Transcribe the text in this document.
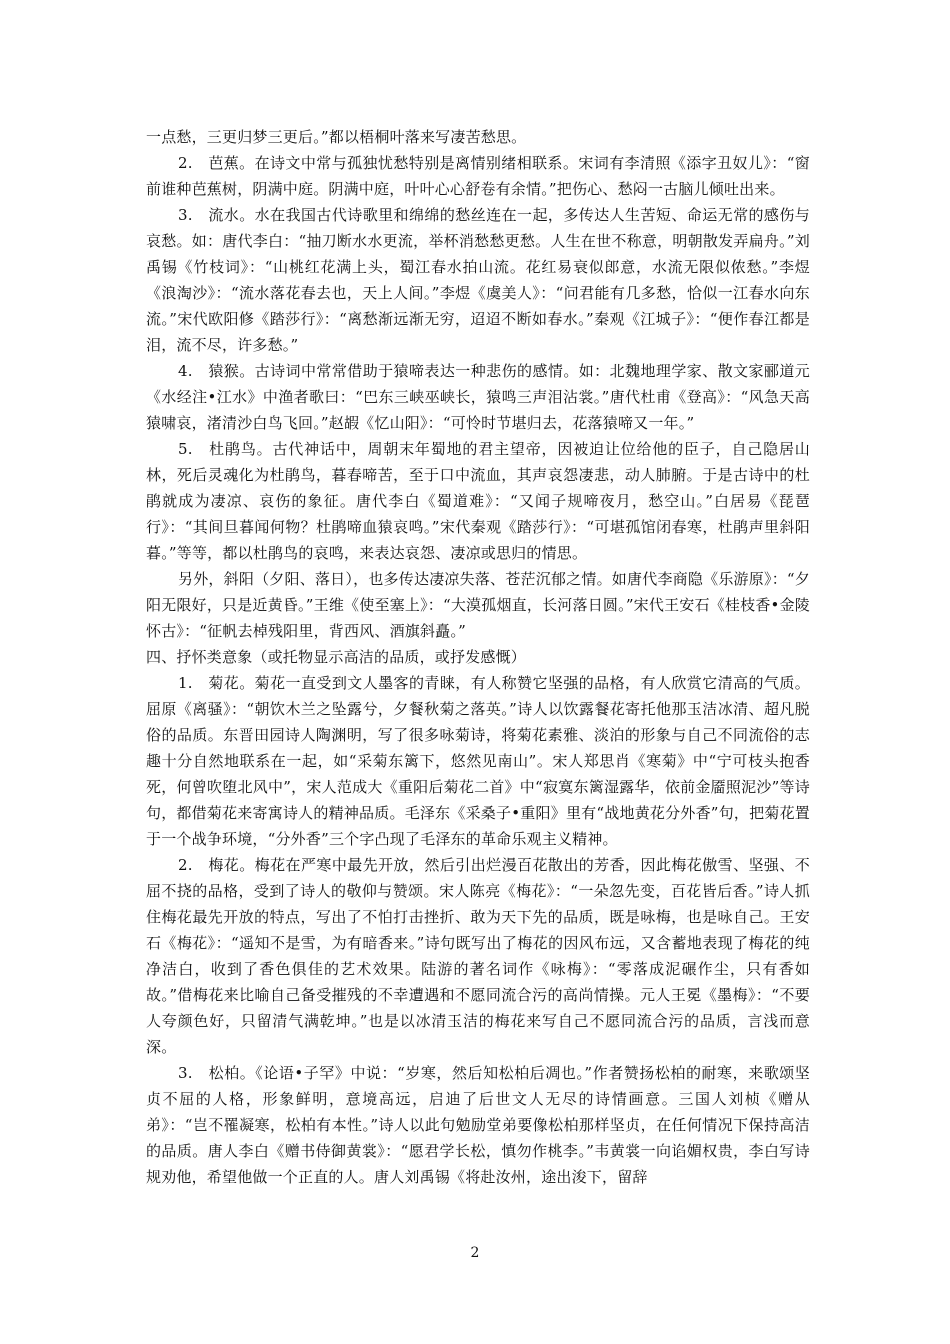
一点愁，三更归梦三更后。”都以梧桐叶落来写凄苦愁思。

2.　芭蕉。在诗文中常与孤独忧愁特别是离情别绪相联系。宋词有李清照《添字丑奴儿》：“窗前谁种芭蕉树，阴满中庭。阴满中庭，叶叶心心舒卷有余情。”把伤心、愁闷一古脑儿倾吐出来。

3.　流水。水在我国古代诗歌里和绵绵的愁丝连在一起，多传达人生苦短、命运无常的感伤与哀愁。如：唐代李白：“抽刀断水水更流，举杯消愁愁更愁。人生在世不称意，明朝散发弄扁舟。”刘禹锡《竹枝词》：“山桃红花满上头，蜀江春水拍山流。花红易衰似郎意，水流无限似侬愁。”李煜《浪淘沙》：“流水落花春去也，天上人间。”李煜《虞美人》：“问君能有几多愁，恰似一江春水向东流。”宋代欧阳修《踏莎行》：“离愁渐远渐无穷，迢迢不断如春水。”秦观《江城子》：“便作春江都是泪，流不尽，许多愁。”

4.　猿猴。古诗词中常常借助于猿啼表达一种悲伤的感情。如：北魏地理学家、散文家郦道元《水经注•江水》中渔者歌曰：“巴东三峡巫峡长，猿鸣三声泪沾裳。”唐代杜甫《登高》：“风急天高猿啸哀，渚清沙白鸟飞回。”赵嘏《忆山阳》：“可怜时节堪归去，花落猿啼又一年。”

5.　杜鹃鸟。古代神话中，周朝末年蜀地的君主望帝，因被迫让位给他的臣子，自己隐居山林，死后灵魂化为杜鹃鸟，暮春啼苦，至于口中流血，其声哀怨凄悲，动人肺腑。于是古诗中的杜鹃就成为凄凉、哀伤的象征。唐代李白《蜀道难》：“又闻子规啼夜月，愁空山。”白居易《琵琶行》：“其间旦暮闻何物？杜鹃啼血猿哀鸣。”宋代秦观《踏莎行》：“可堪孤馆闭春寒，杜鹃声里斜阳暮。”等等，都以杜鹃鸟的哀鸣，来表达哀怨、凄凉或思归的情思。

另外，斜阳（夕阳、落日），也多传达凄凉失落、苍茫沉郁之情。如唐代李商隐《乐游原》：“夕阳无限好，只是近黄昏。”王维《使至塞上》：“大漠孤烟直，长河落日圆。”宋代王安石《桂枝香•金陵怀古》：“征帆去棹残阳里，背西风、酒旗斜矗。”

四、抒怀类意象（或托物显示高洁的品质，或抒发感慨）

1.　菊花。菊花一直受到文人墨客的青睐，有人称赞它坚强的品格，有人欣赏它清高的气质。屈原《离骚》：“朝饮木兰之坠露兮，夕餐秋菊之落英。”诗人以饮露餐花寄托他那玉洁冰清、超凡脱俗的品质。东晋田园诗人陶渊明，写了很多咏菊诗，将菊花素雅、淡泊的形象与自己不同流俗的志趣十分自然地联系在一起，如“采菊东篱下，悠然见南山”。宋人郑思肖《寒菊》中“宁可枝头抱香死，何曾吹堕北风中”，宋人范成大《重阳后菊花二首》中“寂寞东篱湿露华，依前金靥照泥沙”等诗句，都借菊花来寄寓诗人的精神品质。毛泽东《采桑子•重阳》里有“战地黄花分外香”句，把菊花置于一个战争环境，“分外香”三个字凸现了毛泽东的革命乐观主义精神。

2.　梅花。梅花在严寒中最先开放，然后引出烂漫百花散出的芳香，因此梅花傲雪、坚强、不屈不挠的品格，受到了诗人的敬仰与赞颂。宋人陈亮《梅花》：“一朵忽先变，百花皆后香。”诗人抓住梅花最先开放的特点，写出了不怕打击挫折、敢为天下先的品质，既是咏梅，也是咏自己。王安石《梅花》：“遥知不是雪，为有暗香来。”诗句既写出了梅花的因风布远，又含蓄地表现了梅花的纯净洁白，收到了香色俱佳的艺术效果。陆游的著名词作《咏梅》：“零落成泥碾作尘，只有香如故。”借梅花来比喻自己备受摧残的不幸遭遇和不愿同流合污的高尚情操。元人王冕《墨梅》：“不要人夸颜色好，只留清气满乾坤。”也是以冰清玉洁的梅花来写自己不愿同流合污的品质，言浅而意深。

3.　松柏。《论语•子罕》中说：“岁寒，然后知松柏后凋也。”作者赞扬松柏的耐寒，来歌颂坚贞不屈的人格，形象鲜明，意境高远，启迪了后世文人无尽的诗情画意。三国人刘桢《赠从弟》：“岂不罹凝寒，松柏有本性。”诗人以此句勉励堂弟要像松柏那样坚贞，在任何情况下保持高洁的品质。唐人李白《赠书侍御黄裳》：“愿君学长松，慎勿作桃李。”韦黄裳一向谄媚权贵，李白写诗规劝他，希望他做一个正直的人。唐人刘禹锡《将赴汝州，途出浚下，留辞

2
